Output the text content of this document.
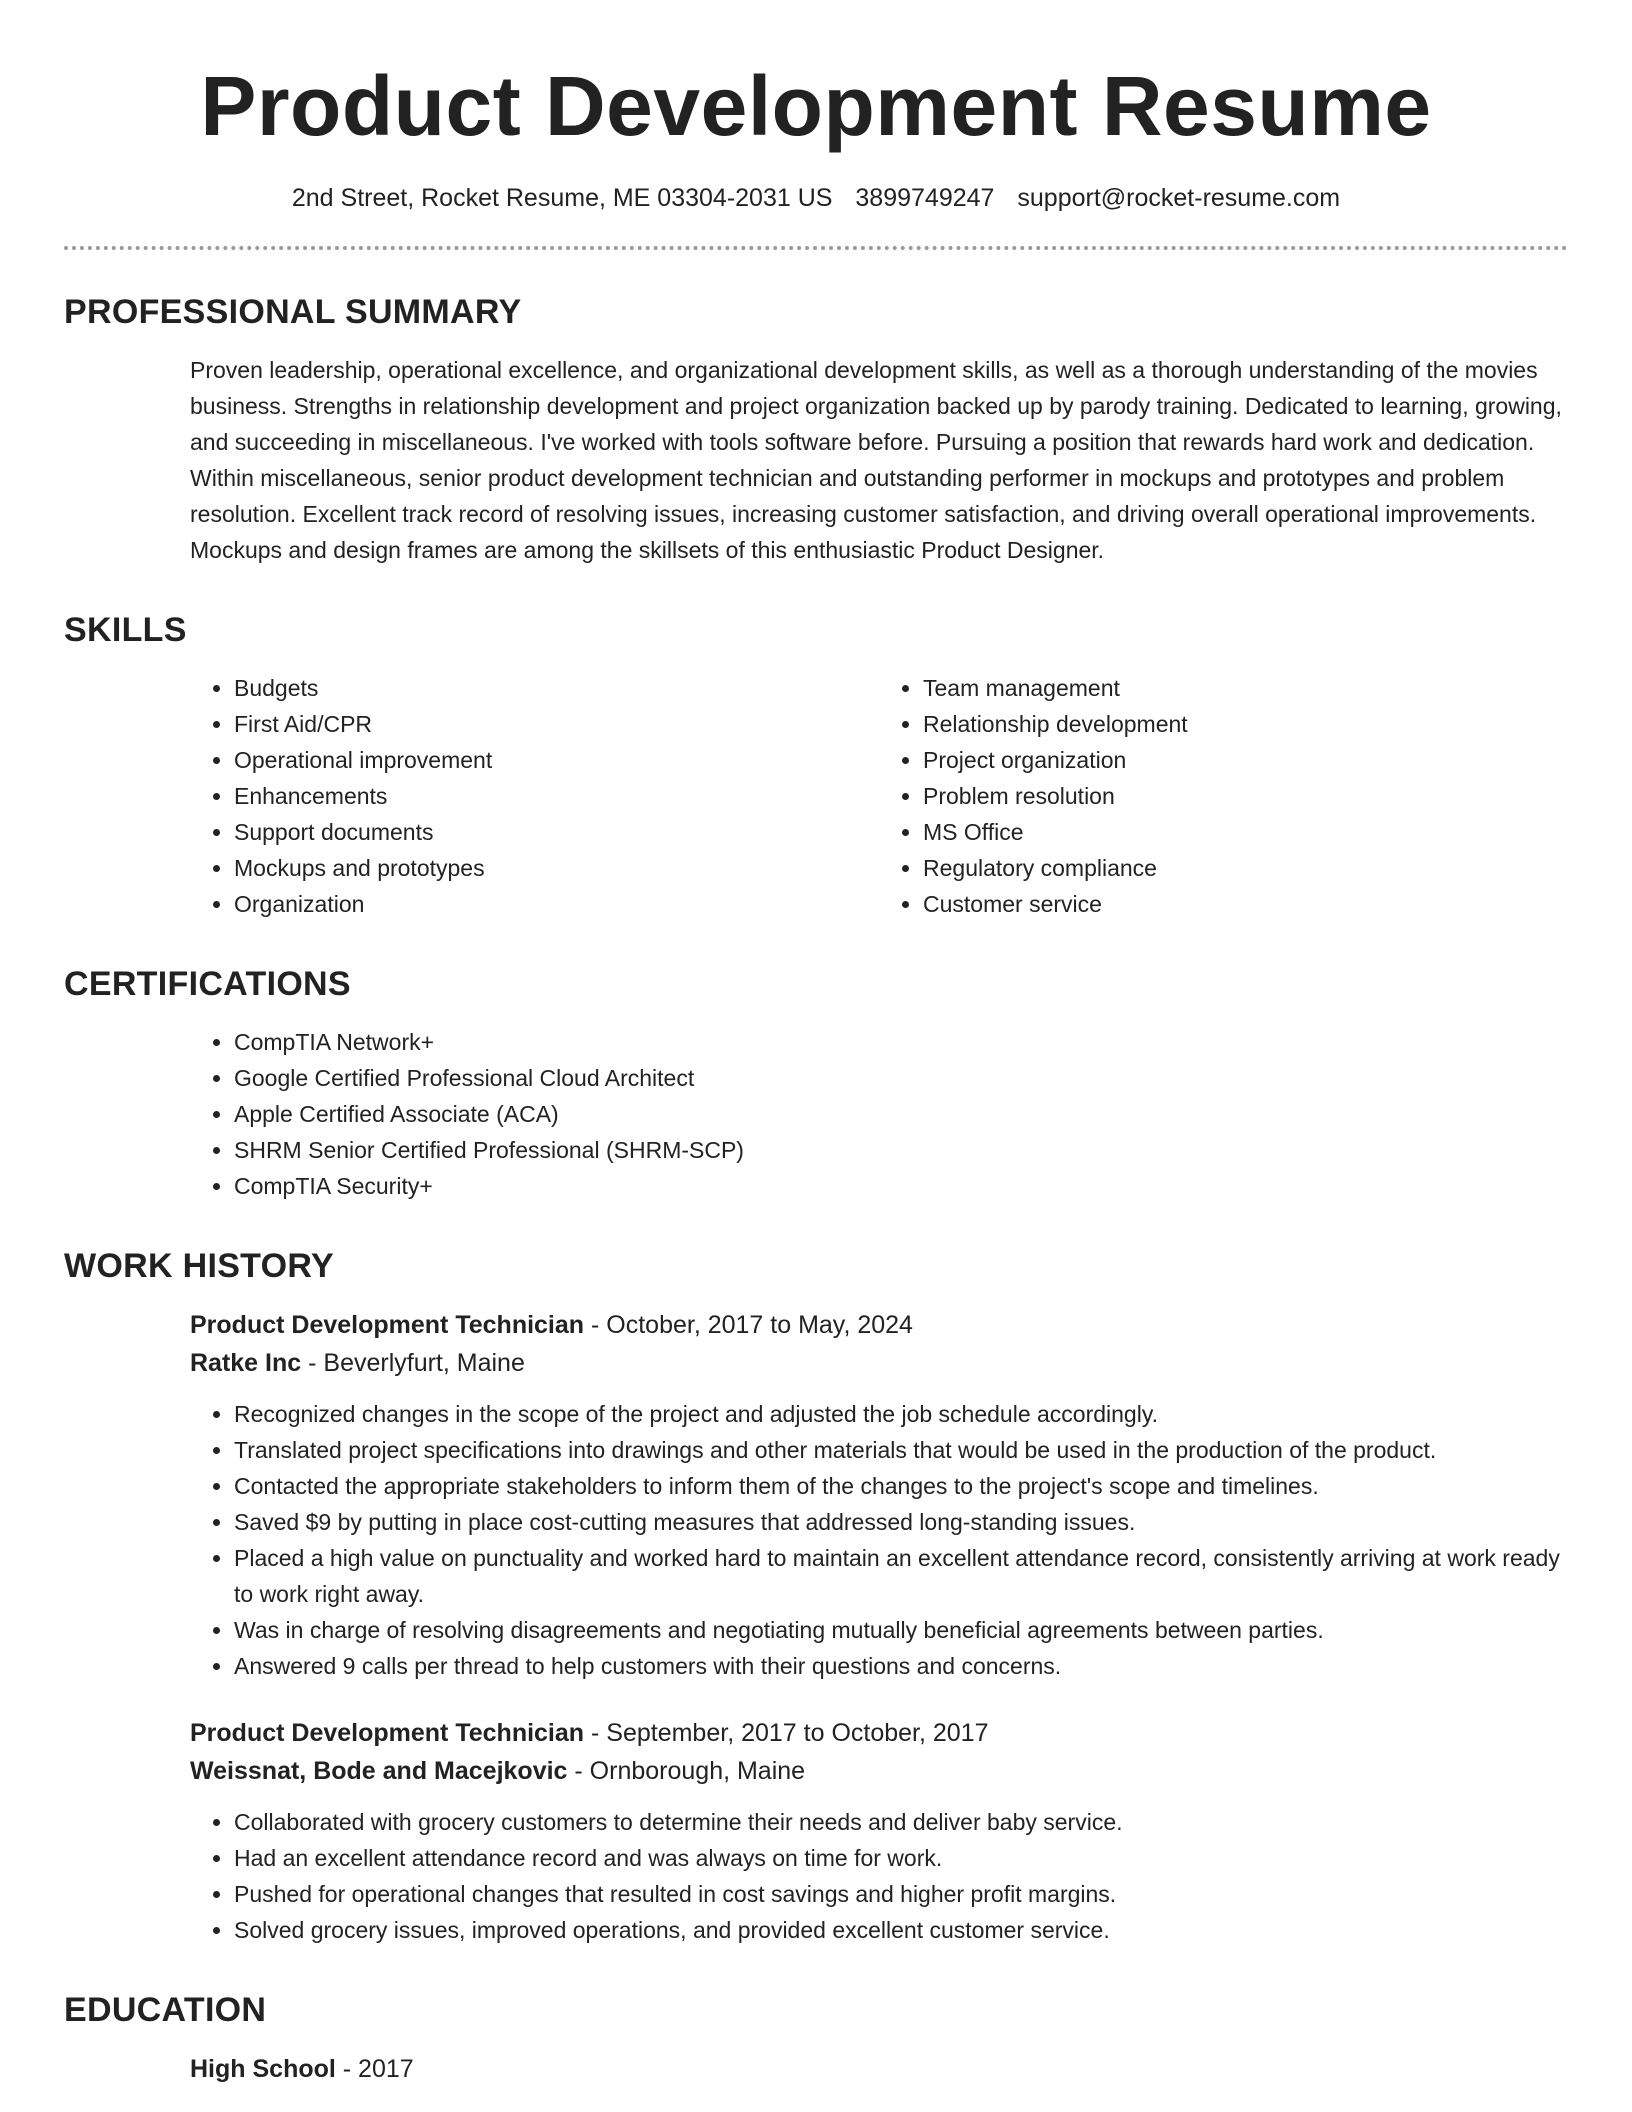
Product Development Resume
2nd Street, Rocket Resume, ME 03304-2031 US 3899749247 support@rocket-resume.com
PROFESSIONAL SUMMARY

Proven leadership, operational excellence, and organizational development skills, as well as a thorough understanding of the movies business. Strengths in relationship development and project organization backed up by parody training. Dedicated to learning, growing, and succeeding in miscellaneous. I've worked with tools software before. Pursuing a position that rewards hard work and dedication. Within miscellaneous, senior product development technician and outstanding performer in mockups and prototypes and problem resolution. Excellent track record of resolving issues, increasing customer satisfaction, and driving overall operational improvements. Mockups and design frames are among the skillsets of this enthusiastic Product Designer.

SKILLS
• Budgets
• First Aid/CPR
• Operational improvement
• Enhancements
• Support documents
• Mockups and prototypes
• Organization
• Team management
• Relationship development
• Project organization
• Problem resolution
• MS Office
• Regulatory compliance
• Customer service
CERTIFICATIONS
• CompTIA Network+
• Google Certified Professional Cloud Architect
• Apple Certified Associate (ACA)
• SHRM Senior Certified Professional (SHRM-SCP)
• CompTIA Security+
WORK HISTORY
Product Development Technician - October, 2017 to May, 2024
Ratke Inc - Beverlyfurt, Maine
• Recognized changes in the scope of the project and adjusted the job schedule accordingly.
• Translated project specifications into drawings and other materials that would be used in the production of the product.
• Contacted the appropriate stakeholders to inform them of the changes to the project's scope and timelines.
• Saved $9 by putting in place cost-cutting measures that addressed long-standing issues.
• Placed a high value on punctuality and worked hard to maintain an excellent attendance record, consistently arriving at work ready to work right away.
• Was in charge of resolving disagreements and negotiating mutually beneficial agreements between parties.
• Answered 9 calls per thread to help customers with their questions and concerns.
Product Development Technician - September, 2017 to October, 2017
Weissnat, Bode and Macejkovic - Ornborough, Maine
• Collaborated with grocery customers to determine their needs and deliver baby service.
• Had an excellent attendance record and was always on time for work.
• Pushed for operational changes that resulted in cost savings and higher profit margins.
• Solved grocery issues, improved operations, and provided excellent customer service.
EDUCATION
High School - 2017
